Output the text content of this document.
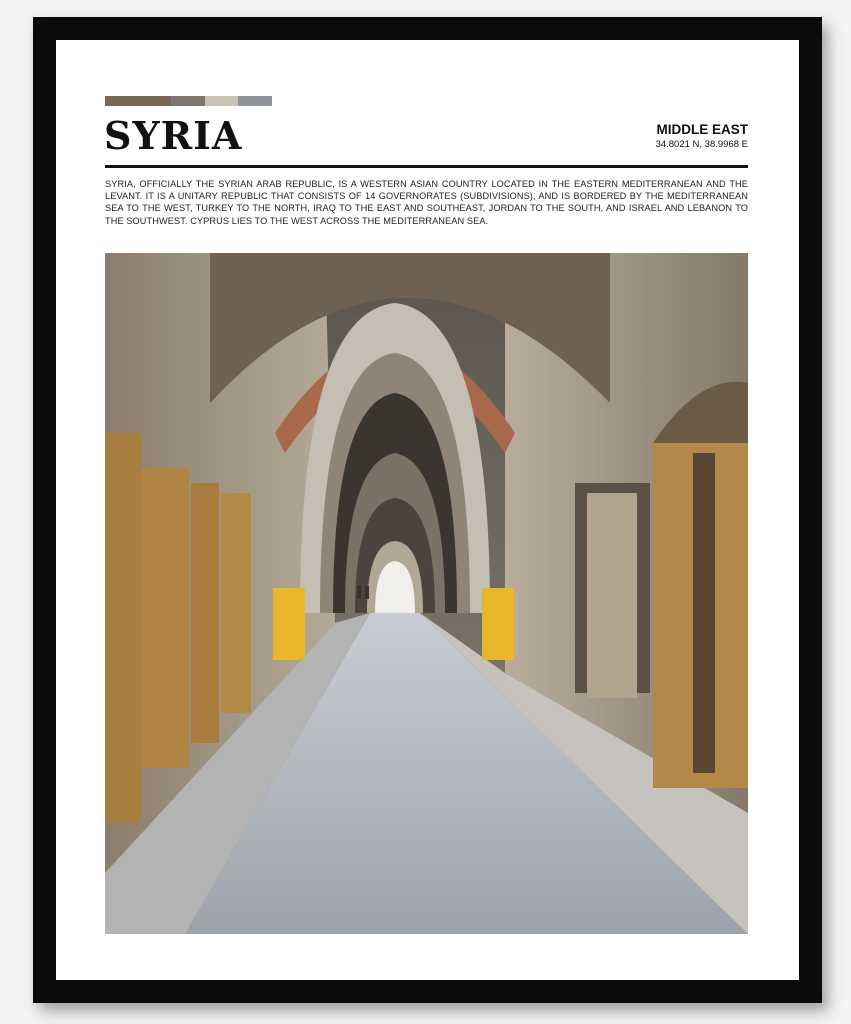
SYRIA	MIDDLE EAST
34.8021 N, 38.9968 E
SYRIA, OFFICIALLY THE SYRIAN ARAB REPUBLIC, IS A WESTERN ASIAN COUNTRY LOCATED IN THE EASTERN MEDITERRANEAN AND THE LEVANT. IT IS A UNITARY REPUBLIC THAT CONSISTS OF 14 GOVERNORATES (SUBDIVISIONS), AND IS BORDERED BY THE MEDITERRANEAN SEA TO THE WEST, TURKEY TO THE NORTH, IRAQ TO THE EAST AND SOUTHEAST, JORDAN TO THE SOUTH, AND ISRAEL AND LEBANON TO THE SOUTHWEST. CYPRUS LIES TO THE WEST ACROSS THE MEDITERRANEAN SEA.
